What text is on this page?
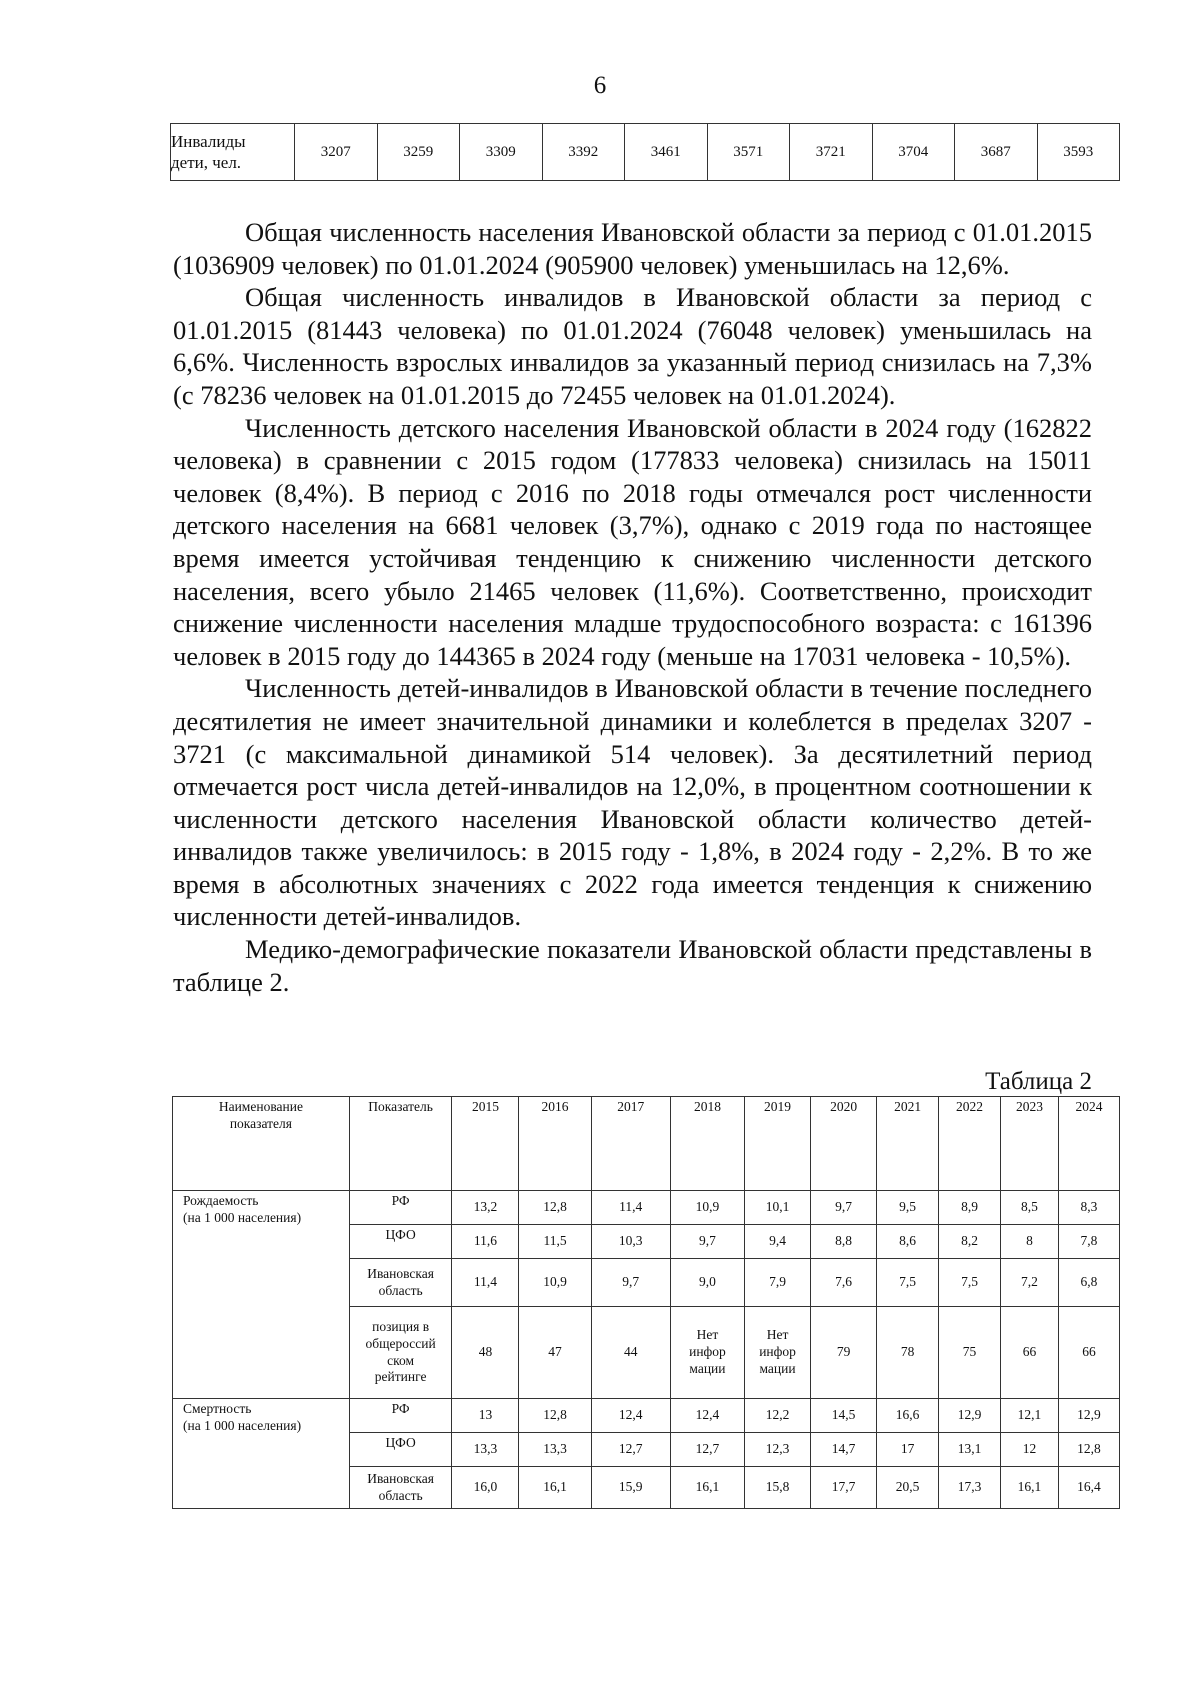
6
Инвалиды
дети, чел.	3207	3259	3309	3392	3461	3571	3721	3704	3687	3593

Общая численность населения Ивановской области за период с 01.01.2015 (1036909 человек) по 01.01.2024 (905900 человек) уменьшилась на 12,6%.

Общая численность инвалидов в Ивановской области за период с 01.01.2015 (81443 человека) по 01.01.2024 (76048 человек) уменьшилась на 6,6%. Численность взрослых инвалидов за указанный период снизилась на 7,3% (с 78236 человек на 01.01.2015 до 72455 человек на 01.01.2024).

Численность детского населения Ивановской области в 2024 году (162822 человека) в сравнении с 2015 годом (177833 человека) снизилась на 15011 человек (8,4%). В период с 2016 по 2018 годы отмечался рост численности детского населения на 6681 человек (3,7%), однако с 2019 года по настоящее время имеется устойчивая тенденцию к снижению численности детского населения, всего убыло 21465 человек (11,6%). Соответственно, происходит снижение численности населения младше трудоспособного возраста: с 161396 человек в 2015 году до 144365 в 2024 году (меньше на 17031 человека - 10,5%).

Численность детей-инвалидов в Ивановской области в течение последнего десятилетия не имеет значительной динамики и колеблется в пределах 3207 - 3721 (с максимальной динамикой 514 человек). За десятилетний период отмечается рост числа детей-инвалидов на 12,0%, в процентном соотношении к численности детского населения Ивановской области количество детей-инвалидов также увеличилось: в 2015 году - 1,8%, в 2024 году - 2,2%. В то же время в абсолютных значениях с 2022 года имеется тенденция к снижению численности детей-инвалидов.

Медико-демографические показатели Ивановской области представлены в таблице 2.

Таблица 2
Наименование
показателя	Показатель	2015	2016	2017	2018	2019	2020	2021	2022	2023	2024
Рождаемость
(на 1 000 населения)	РФ	13,2	12,8	11,4	10,9	10,1	9,7	9,5	8,9	8,5	8,3
	ЦФО	11,6	11,5	10,3	9,7	9,4	8,8	8,6	8,2	8	7,8
	Ивановская
область	11,4	10,9	9,7	9,0	7,9	7,6	7,5	7,5	7,2	6,8
	позиция в
общероссий
ском
рейтинге	48	47	44	Нет инфор мации	Нет инфор мации	79	78	75	66	66
Смертность
(на 1 000 населения)	РФ	13	12,8	12,4	12,4	12,2	14,5	16,6	12,9	12,1	12,9
	ЦФО	13,3	13,3	12,7	12,7	12,3	14,7	17	13,1	12	12,8
	Ивановская
область	16,0	16,1	15,9	16,1	15,8	17,7	20,5	17,3	16,1	16,4
